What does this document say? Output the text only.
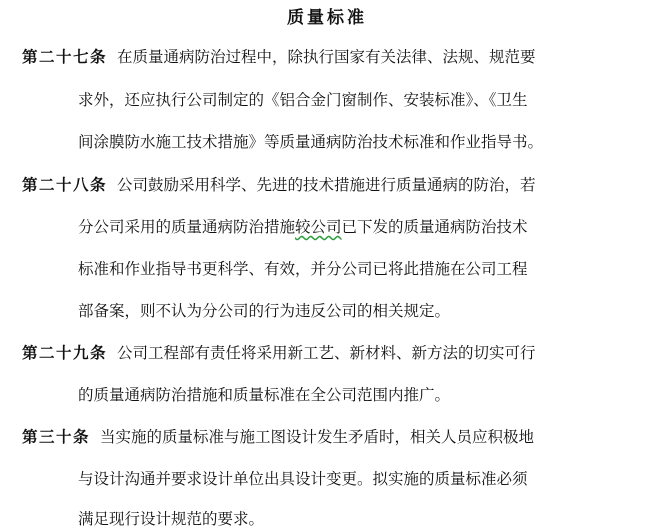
质量标准
第二十七条 在质量通病防治过程中，除执行国家有关法律、法规、规范要
求外，还应执行公司制定的《铝合金门窗制作、安装标准》、《卫生
间涂膜防水施工技术措施》等质量通病防治技术标准和作业指导书。
第二十八条 公司鼓励采用科学、先进的技术措施进行质量通病的防治，若
分公司采用的质量通病防治措施较公司已下发的质量通病防治技术
标准和作业指导书更科学、有效，并分公司已将此措施在公司工程
部备案，则不认为分公司的行为违反公司的相关规定。
第二十九条 公司工程部有责任将采用新工艺、新材料、新方法的切实可行
的质量通病防治措施和质量标准在全公司范围内推广。
第三十条 当实施的质量标准与施工图设计发生矛盾时，相关人员应积极地
与设计沟通并要求设计单位出具设计变更。拟实施的质量标准必须
满足现行设计规范的要求。
